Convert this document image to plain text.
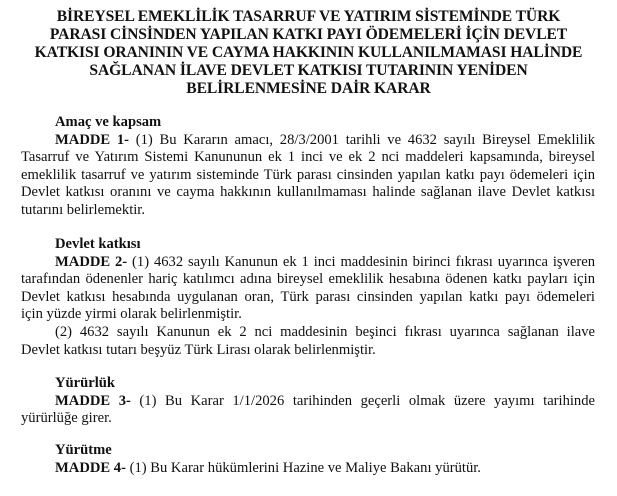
BİREYSEL EMEKLİLİK TASARRUF VE YATIRIM SİSTEMİNDE TÜRK
PARASI CİNSİNDEN YAPILAN KATKI PAYI ÖDEMELERİ İÇİN DEVLET
KATKISI ORANININ VE CAYMA HAKKININ KULLANILMAMASI HALİNDE
SAĞLANAN İLAVE DEVLET KATKISI TUTARININ YENİDEN
BELİRLENMESİNE DAİR KARAR
Amaç ve kapsam
MADDE 1- (1) Bu Kararın amacı, 28/3/2001 tarihli ve 4632 sayılı Bireysel Emeklilik
Tasarruf ve Yatırım Sistemi Kanununun ek 1 inci ve ek 2 nci maddeleri kapsamında, bireysel
emeklilik tasarruf ve yatırım sisteminde Türk parası cinsinden yapılan katkı payı ödemeleri için
Devlet katkısı oranını ve cayma hakkının kullanılmaması halinde sağlanan ilave Devlet katkısı
tutarını belirlemektir.
Devlet katkısı
MADDE 2- (1) 4632 sayılı Kanunun ek 1 inci maddesinin birinci fıkrası uyarınca işveren
tarafından ödenenler hariç katılımcı adına bireysel emeklilik hesabına ödenen katkı payları için
Devlet katkısı hesabında uygulanan oran, Türk parası cinsinden yapılan katkı payı ödemeleri
için yüzde yirmi olarak belirlenmiştir.
(2) 4632 sayılı Kanunun ek 2 nci maddesinin beşinci fıkrası uyarınca sağlanan ilave
Devlet katkısı tutarı beşyüz Türk Lirası olarak belirlenmiştir.
Yürürlük
MADDE 3- (1) Bu Karar 1/1/2026 tarihinden geçerli olmak üzere yayımı tarihinde
yürürlüğe girer.
Yürütme
MADDE 4- (1) Bu Karar hükümlerini Hazine ve Maliye Bakanı yürütür.
